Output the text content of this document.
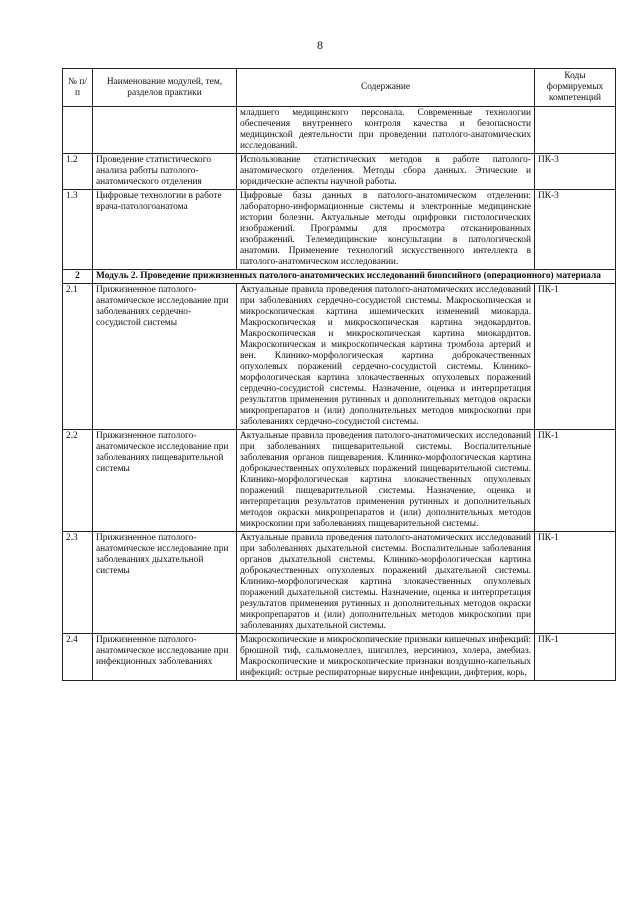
8
№ п/п	Наименование модулей, тем, разделов практики	Содержание	Коды формируемых компетенций
		младшего медицинского персонала. Современные технологии обеспечения внутреннего контроля качества и безопасности медицинской деятельности при проведении патолого-анатомических исследований.	
1.2	Проведение статистического анализа работы патолого-анатомического отделения	Использование статистических методов в работе патолого-анатомического отделения. Методы сбора данных. Этические и юридические аспекты научной работы.	ПК-3
1.3	Цифровые технологии в работе врача-патологоанатома	Цифровые базы данных в патолого-анатомическом отделении: лабораторно-информационные системы и электронные медицинские истории болезни. Актуальные методы оцифровки гистологических изображений. Программы для просмотра отсканированных изображений. Телемедицинские консультации в патологической анатомии. Применение технологий искусственного интеллекта в патолого-анатомическом исследовании.	ПК-3
2	Модуль 2. Проведение прижизненных патолого-анатомических исследований биопсийного (операционного) материала		
2.1	Прижизненное патолого-анатомическое исследование при заболеваниях сердечно-сосудистой системы	Актуальные правила проведения патолого-анатомических исследований при заболеваниях сердечно-сосудистой системы. Макроскопическая и микроскопическая картина ишемических изменений миокарда. Макроскопическая и микроскопическая картина эндокардитов. Макроскопическая и микроскопическая картина миокардитов. Макроскопическая и микроскопическая картина тромбоза артерий и вен. Клинико-морфологическая картина доброкачественных опухолевых поражений сердечно-сосудистой системы. Клинико-морфологическая картина злокачественных опухолевых поражений сердечно-сосудистой системы. Назначение, оценка и интерпретация результатов применения рутинных и дополнительных методов окраски микропрепаратов и (или) дополнительных методов микроскопии при заболеваниях сердечно-сосудистой системы.	ПК-1
2.2	Прижизненное патолого-анатомическое исследование при заболеваниях пищеварительной системы	Актуальные правила проведения патолого-анатомических исследований при заболеваниях пищеварительной системы. Воспалительные заболевания органов пищеварения. Клинико-морфологическая картина доброкачественных опухолевых поражений пищеварительной системы. Клинико-морфологическая картина злокачественных опухолевых поражений пищеварительной системы. Назначение, оценка и интерпретация результатов применения рутинных и дополнительных методов окраски микропрепаратов и (или) дополнительных методов микроскопии при заболеваниях пищеварительной системы.	ПК-1
2.3	Прижизненное патолого-анатомическое исследование при заболеваниях дыхательной системы	Актуальные правила проведения патолого-анатомических исследований при заболеваниях дыхательной системы. Воспалительные заболевания органов дыхательной системы. Клинико-морфологическая картина доброкачественных опухолевых поражений дыхательной системы. Клинико-морфологическая картина злокачественных опухолевых поражений дыхательной системы. Назначение, оценка и интерпретация результатов применения рутинных и дополнительных методов окраски микропрепаратов и (или) дополнительных методов микроскопии при заболеваниях дыхательной системы.	ПК-1
2.4	Прижизненное патолого-анатомическое исследование при инфекционных заболеваниях	Макроскопические и микроскопические признаки кишечных инфекций: брюшной тиф, сальмонеллез, шигиллез, иерсиниоз, холера, амебиаз. Макроскопические и микроскопические признаки воздушно-капельных инфекций: острые респираторные вирусные инфекции, дифтерия, корь,	ПК-1
